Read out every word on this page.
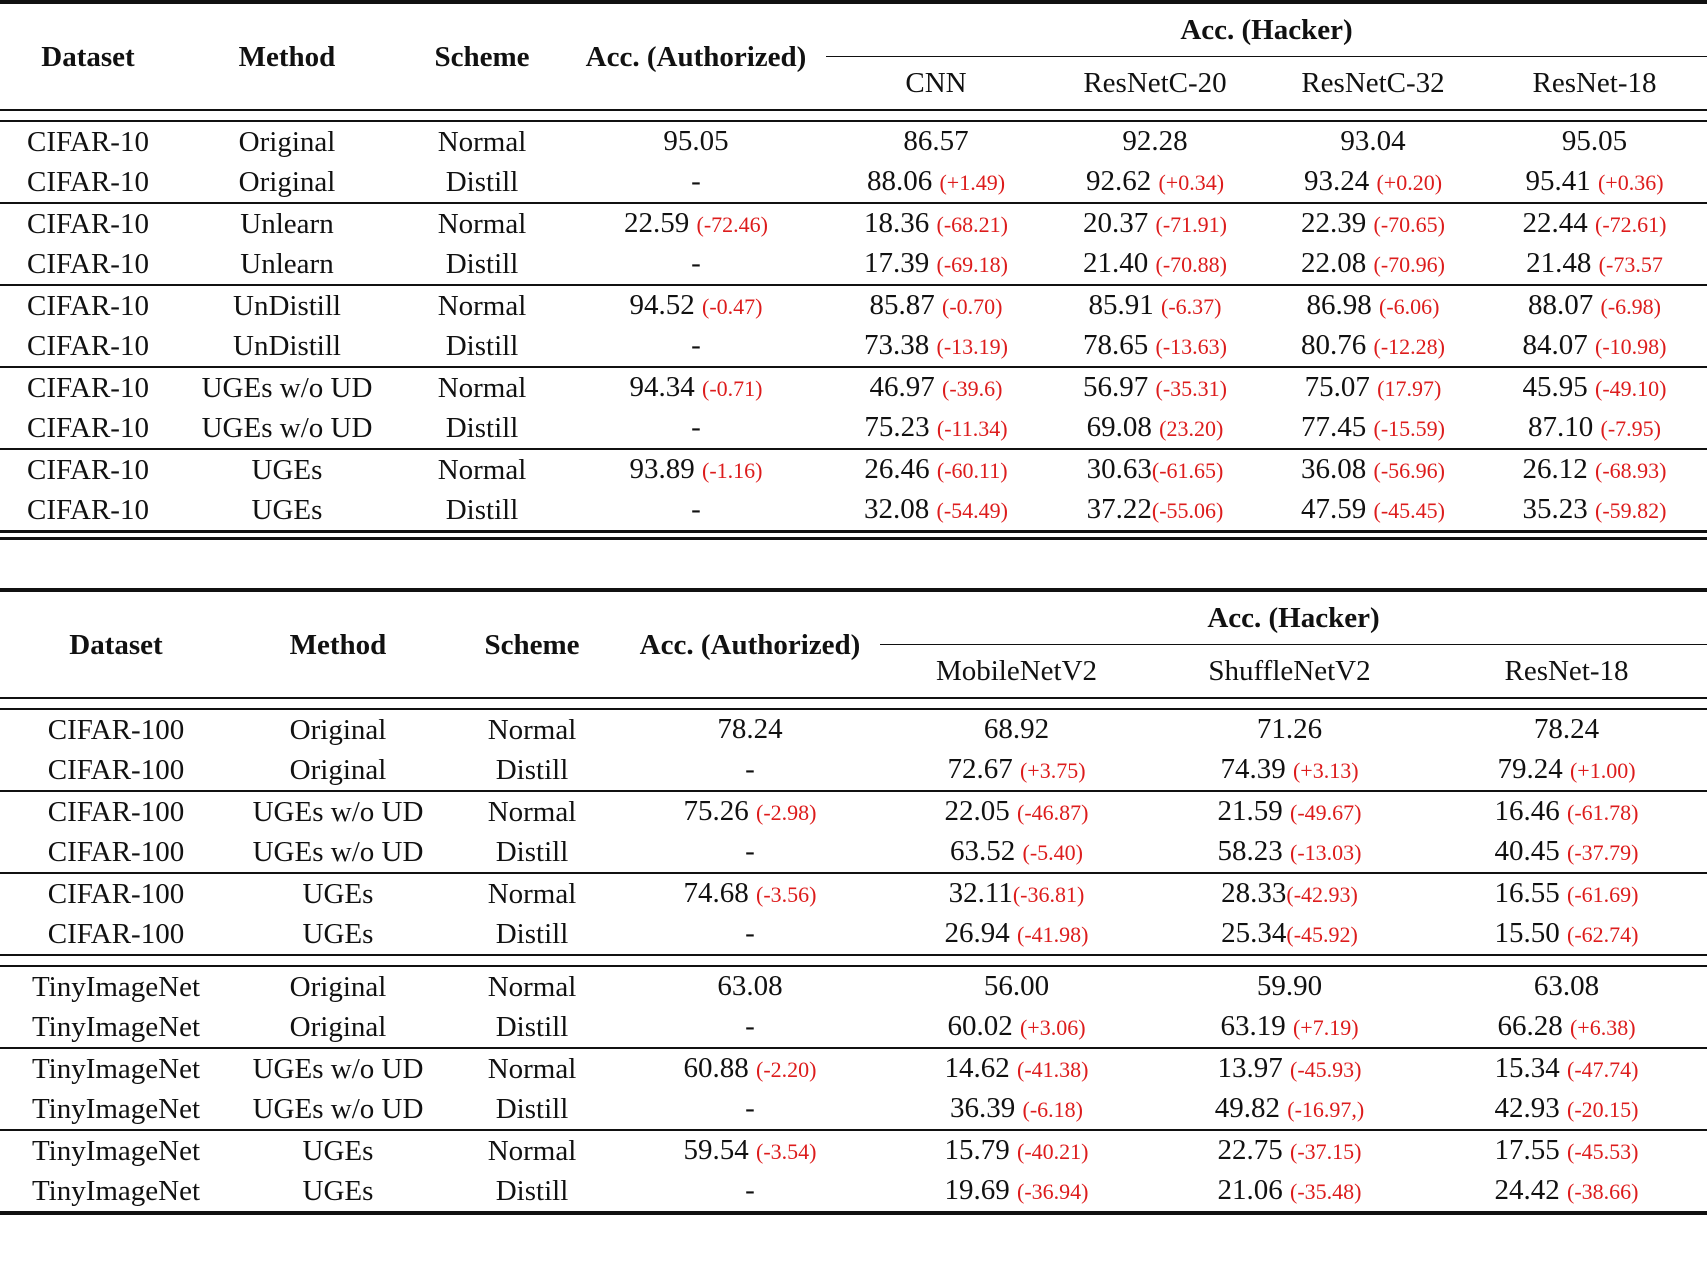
Dataset	Method	Scheme	Acc. (Authorized)	Acc. (Hacker)			
				CNN	ResNetC-20	ResNetC-32	ResNet-18

CIFAR-10	Original	Normal	95.05	86.57	92.28	93.04	95.05
CIFAR-10	Original	Distill	-	88.06 (+1.49)	92.62 (+0.34)	93.24 (+0.20)	95.41 (+0.36)
CIFAR-10	Unlearn	Normal	22.59 (-72.46)	18.36 (-68.21)	20.37 (-71.91)	22.39 (-70.65)	22.44 (-72.61)
CIFAR-10	Unlearn	Distill	-	17.39 (-69.18)	21.40 (-70.88)	22.08 (-70.96)	21.48 (-73.57
CIFAR-10	UnDistill	Normal	94.52 (-0.47)	85.87 (-0.70)	85.91 (-6.37)	86.98 (-6.06)	88.07 (-6.98)
CIFAR-10	UnDistill	Distill	-	73.38 (-13.19)	78.65 (-13.63)	80.76 (-12.28)	84.07 (-10.98)
CIFAR-10	UGEs w/o UD	Normal	94.34 (-0.71)	46.97 (-39.6)	56.97 (-35.31)	75.07 (17.97)	45.95 (-49.10)
CIFAR-10	UGEs w/o UD	Distill	-	75.23 (-11.34)	69.08 (23.20)	77.45 (-15.59)	87.10 (-7.95)
CIFAR-10	UGEs	Normal	93.89 (-1.16)	26.46 (-60.11)	30.63(-61.65)	36.08 (-56.96)	26.12 (-68.93)
CIFAR-10	UGEs	Distill	-	32.08 (-54.49)	37.22(-55.06)	47.59 (-45.45)	35.23 (-59.82)

Dataset	Method	Scheme	Acc. (Authorized)	Acc. (Hacker)		
				MobileNetV2	ShuffleNetV2	ResNet-18

CIFAR-100	Original	Normal	78.24	68.92	71.26	78.24
CIFAR-100	Original	Distill	-	72.67 (+3.75)	74.39 (+3.13)	79.24 (+1.00)
CIFAR-100	UGEs w/o UD	Normal	75.26 (-2.98)	22.05 (-46.87)	21.59 (-49.67)	16.46 (-61.78)
CIFAR-100	UGEs w/o UD	Distill	-	63.52 (-5.40)	58.23 (-13.03)	40.45 (-37.79)
CIFAR-100	UGEs	Normal	74.68 (-3.56)	32.11(-36.81)	28.33(-42.93)	16.55 (-61.69)
CIFAR-100	UGEs	Distill	-	26.94 (-41.98)	25.34(-45.92)	15.50 (-62.74)

TinyImageNet	Original	Normal	63.08	56.00	59.90	63.08
TinyImageNet	Original	Distill	-	60.02 (+3.06)	63.19 (+7.19)	66.28 (+6.38)
TinyImageNet	UGEs w/o UD	Normal	60.88 (-2.20)	14.62 (-41.38)	13.97 (-45.93)	15.34 (-47.74)
TinyImageNet	UGEs w/o UD	Distill	-	36.39 (-6.18)	49.82 (-16.97,)	42.93 (-20.15)
TinyImageNet	UGEs	Normal	59.54 (-3.54)	15.79 (-40.21)	22.75 (-37.15)	17.55 (-45.53)
TinyImageNet	UGEs	Distill	-	19.69 (-36.94)	21.06 (-35.48)	24.42 (-38.66)
